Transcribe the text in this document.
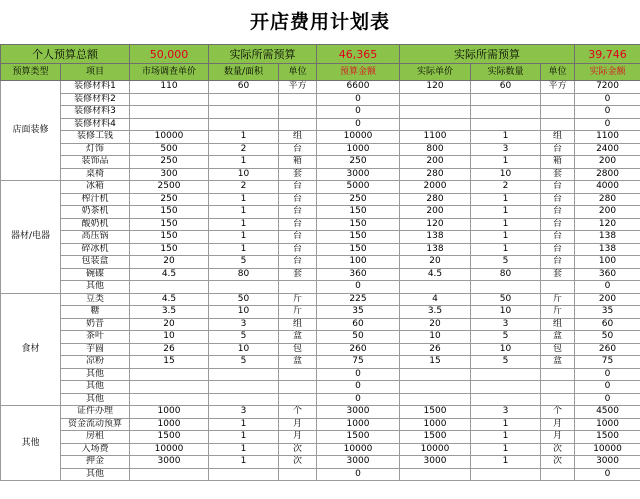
开店费用计划表
个人预算总额		50,000	实际所需预算		46,365	实际所需预算			39,746
预算类型	项目	市场调查单价	数量/面积	单位	预算金额	实际单价	实际数量	单位	实际金额
店面装修	装修材料1	110	60	平方	6600	120	60	平方	7200
	装修材料2				0				0
	装修材料3				0				0
	装修材料4				0				0
	装修工钱	10000	1	组	10000	1100	1	组	1100
	灯饰	500	2	台	1000	800	3	台	2400
	装饰品	250	1	箱	250	200	1	箱	200
	桌椅	300	10	套	3000	280	10	套	2800
器材/电器	冰箱	2500	2	台	5000	2000	2	台	4000
	榨汁机	250	1	台	250	280	1	台	280
	奶茶机	150	1	台	150	200	1	台	200
	酸奶机	150	1	台	150	120	1	台	120
	高压锅	150	1	台	150	138	1	台	138
	碎冰机	150	1	台	150	138	1	台	138
	包装盒	20	5	台	100	20	5	台	100
	碗碟	4.5	80	套	360	4.5	80	套	360
	其他				0				0
食材	豆类	4.5	50	斤	225	4	50	斤	200
	糖	3.5	10	斤	35	3.5	10	斤	35
	奶昔	20	3	组	60	20	3	组	60
	茶叶	10	5	盒	50	10	5	盒	50
	芋圆	26	10	包	260	26	10	包	260
	凉粉	15	5	盒	75	15	5	盒	75
	其他				0				0
	其他				0				0
	其他				0				0
其他	证件办理	1000	3	个	3000	1500	3	个	4500
	资金流动预算	1000	1	月	1000	1000	1	月	1000
	房租	1500	1	月	1500	1500	1	月	1500
	入场费	10000	1	次	10000	10000	1	次	10000
	押金	3000	1	次	3000	3000	1	次	3000
	其他				0				0
